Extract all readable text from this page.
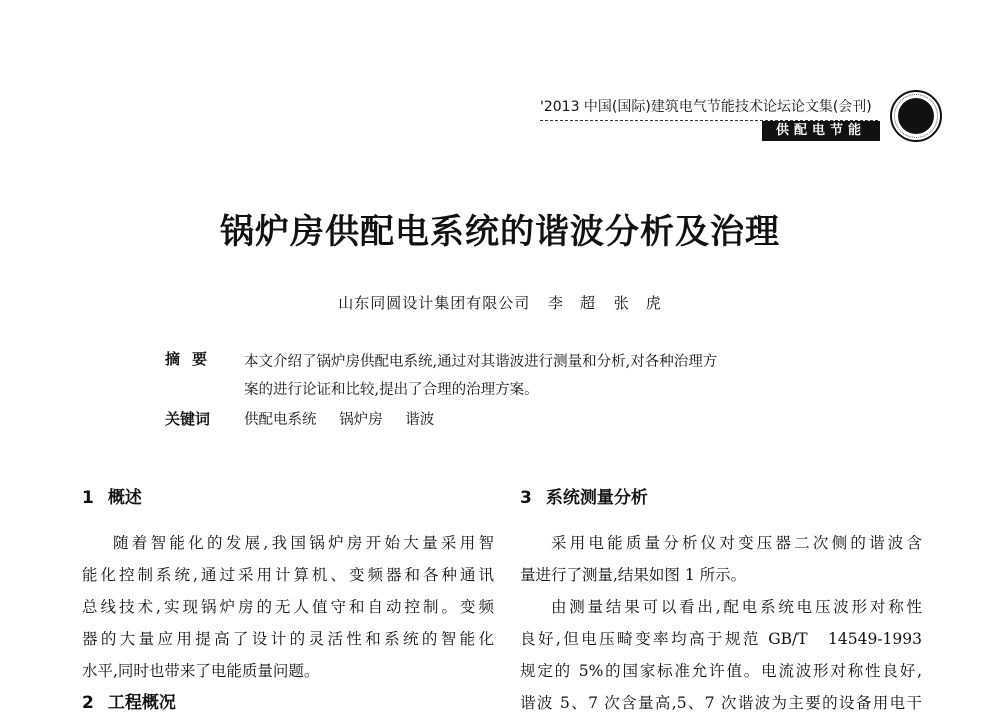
'2013 中国(国际)建筑电气节能技术论坛论文集(会刊)
供配电节能
锅炉房供配电系统的谐波分析及治理
山东同圆设计集团有限公司 李　超 张　虎
摘要 本文介绍了锅炉房供配电系统,通过对其谐波进行测量和分析,对各种治理方
案的进行论证和比较,提出了合理的治理方案。
关键词 供配电系统 锅炉房 谐波
1 概述

随着智能化的发展,我国锅炉房开始大量采用智

能化控制系统,通过采用计算机、变频器和各种通讯
总线技术,实现锅炉房的无人值守和自动控制。变频
器的大量应用提高了设计的灵活性和系统的智能化
水平,同时也带来了电能质量问题。
2 工程概况
3 系统测量分析
采用电能质量分析仪对变压器二次侧的谐波含
量进行了测量,结果如图 1 所示。
由测量结果可以看出,配电系统电压波形对称性
良好,但电压畸变率均高于规范 GB/T　14549-1993
规定的 5%的国家标准允许值。电流波形对称性良好,
谐波 5、7 次含量高,5、7 次谐波为主要的设备用电干
